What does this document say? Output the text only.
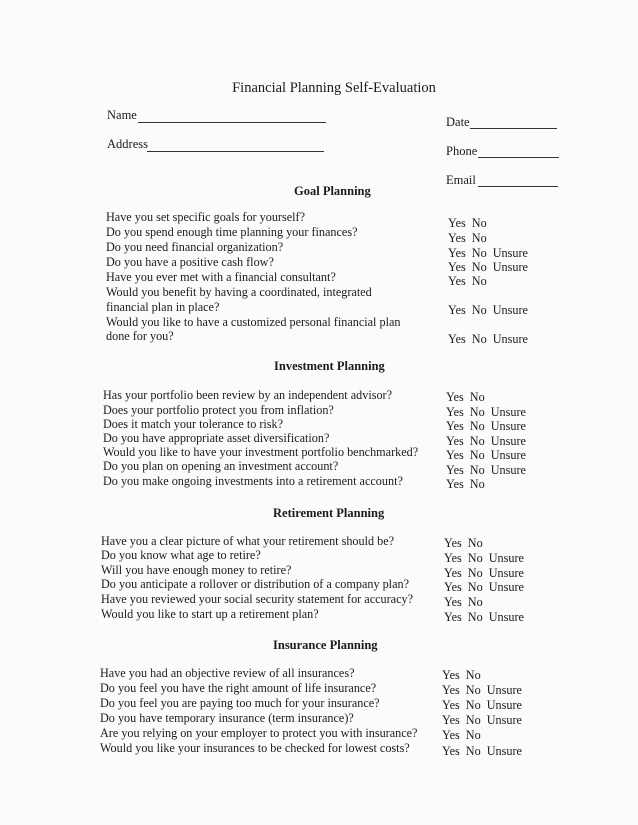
Financial Planning Self-Evaluation
Name
Address
Date
Phone
Email
Goal Planning
Have you set specific goals for yourself?
Do you spend enough time planning your finances?
Do you need financial organization?
Do you have a positive cash flow?
Have you ever met with a financial consultant?
Would you benefit by having a coordinated, integrated
financial plan in place?
Would you like to have a customized personal financial plan
done for you?
Yes No
Yes No
Yes No Unsure
Yes No Unsure
Yes No
Yes No Unsure
Yes No Unsure
Investment Planning
Has your portfolio been review by an independent advisor?
Does your portfolio protect you from inflation?
Does it match your tolerance to risk?
Do you have appropriate asset diversification?
Would you like to have your investment portfolio benchmarked?
Do you plan on opening an investment account?
Do you make ongoing investments into a retirement account?
Yes No
Yes No Unsure
Yes No Unsure
Yes No Unsure
Yes No Unsure
Yes No Unsure
Yes No
Retirement Planning
Have you a clear picture of what your retirement should be?
Do you know what age to retire?
Will you have enough money to retire?
Do you anticipate a rollover or distribution of a company plan?
Have you reviewed your social security statement for accuracy?
Would you like to start up a retirement plan?
Yes No
Yes No Unsure
Yes No Unsure
Yes No Unsure
Yes No
Yes No Unsure
Insurance Planning
Have you had an objective review of all insurances?
Do you feel you have the right amount of life insurance?
Do you feel you are paying too much for your insurance?
Do you have temporary insurance (term insurance)?
Are you relying on your employer to protect you with insurance?
Would you like your insurances to be checked for lowest costs?
Yes No
Yes No Unsure
Yes No Unsure
Yes No Unsure
Yes No
Yes No Unsure
